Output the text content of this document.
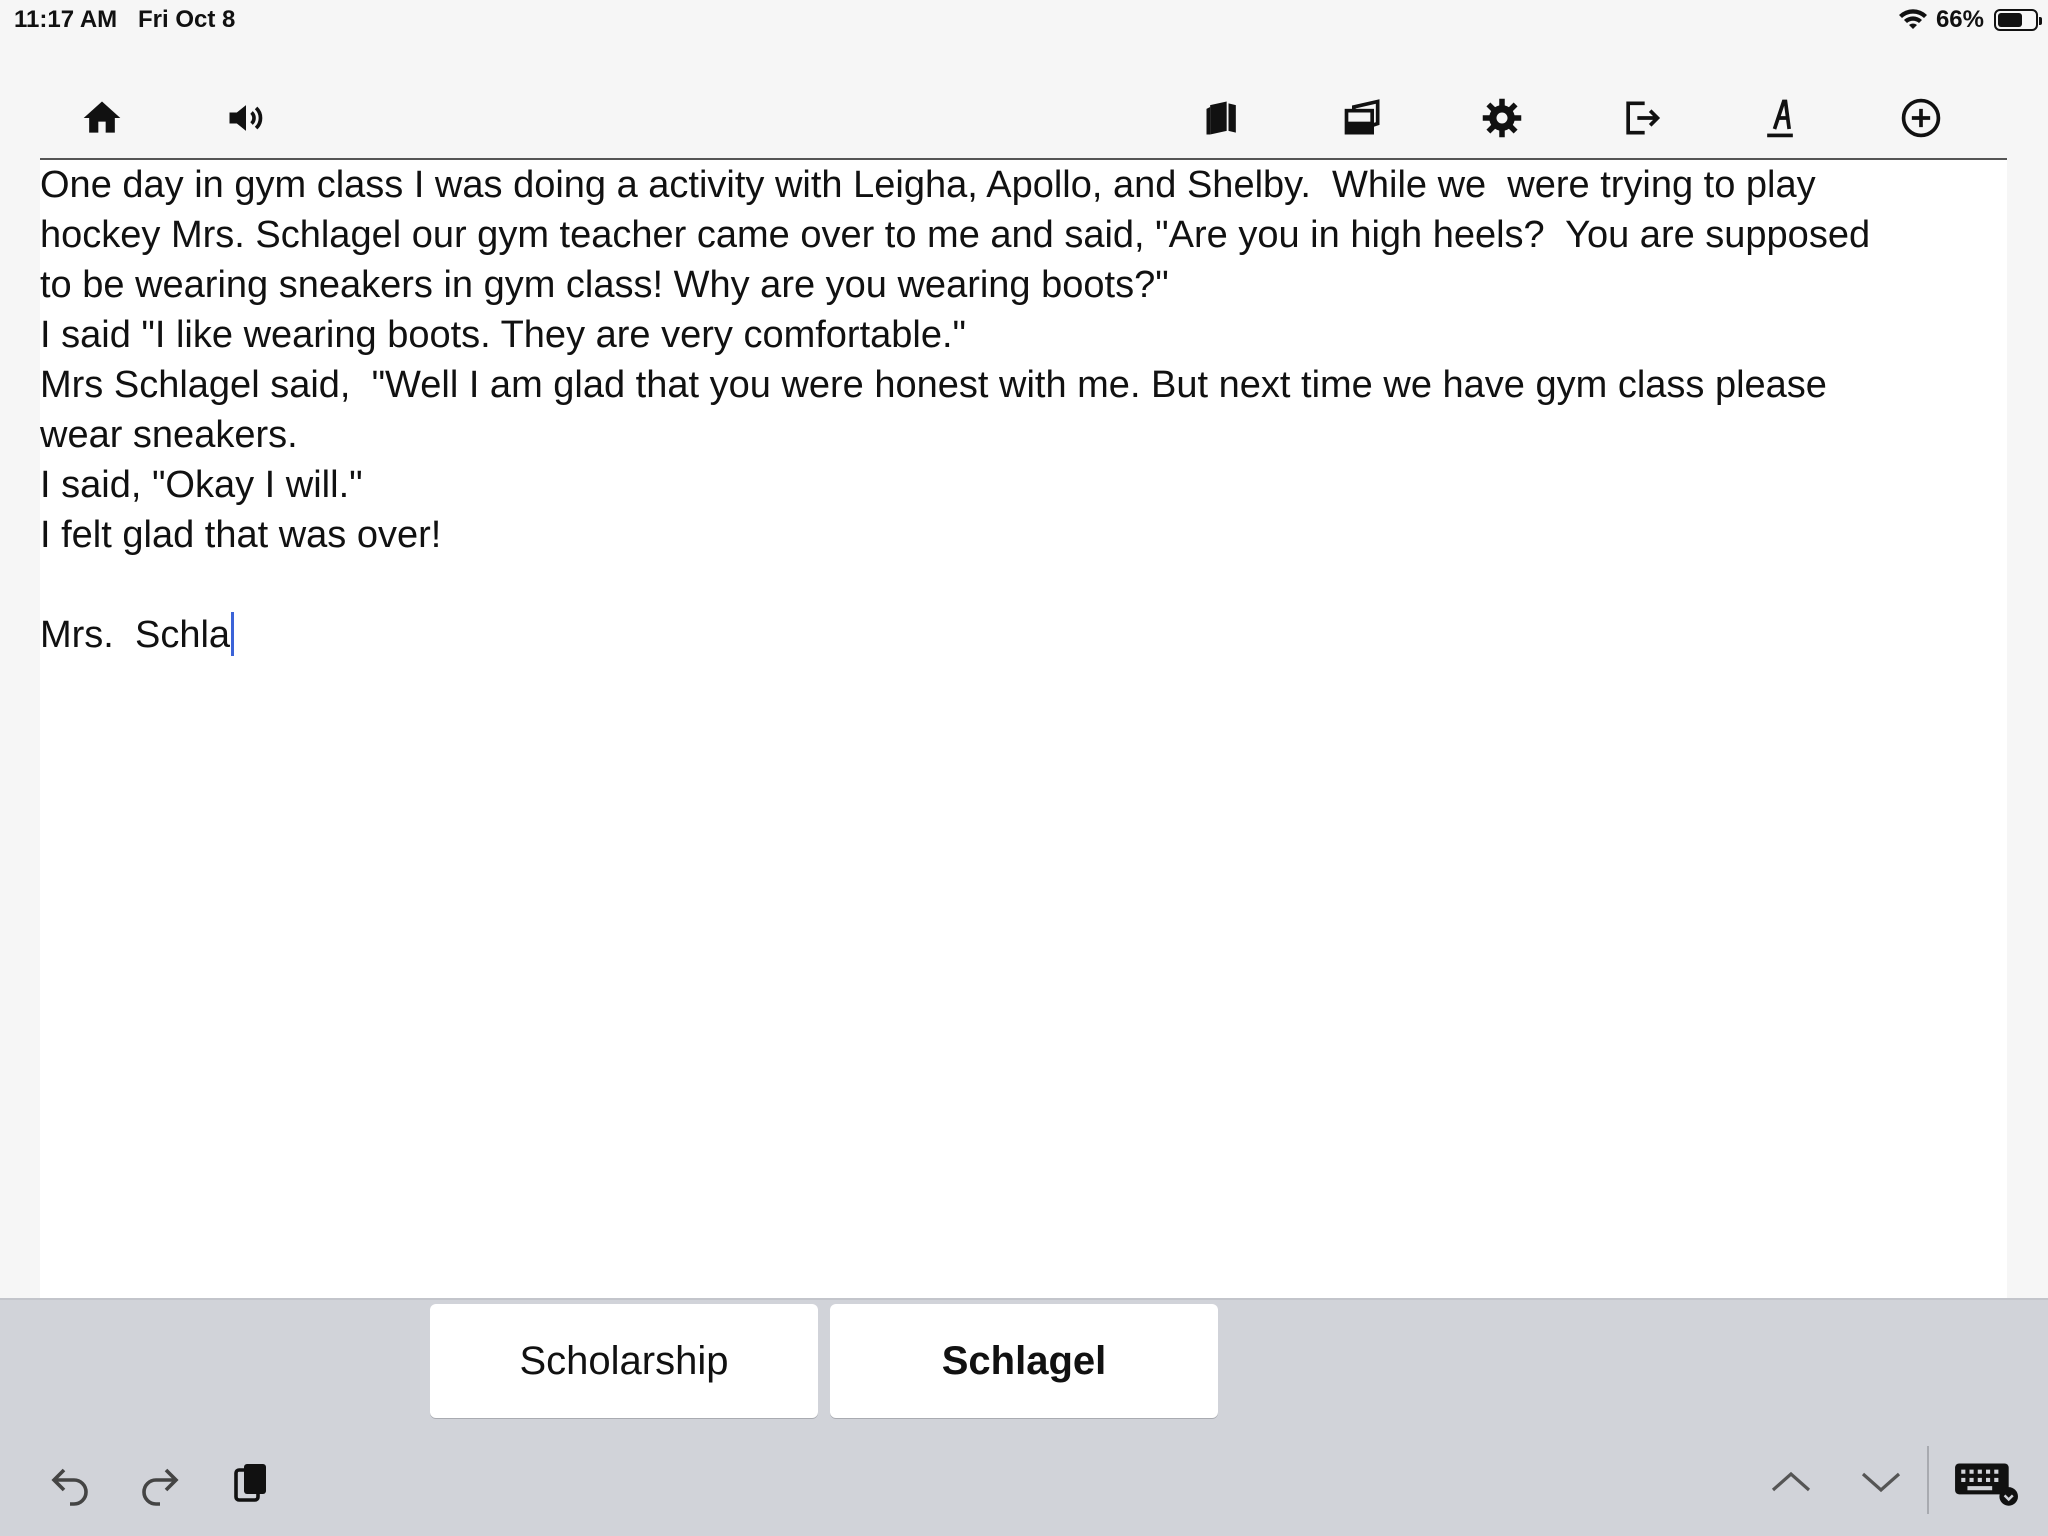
11:17 AM Fri Oct 8	66%

One day in gym class I was doing a activity with Leigha, Apollo, and Shelby.  While we  were trying to play

hockey Mrs. Schlagel our gym teacher came over to me and said, "Are you in high heels?  You are supposed

to be wearing sneakers in gym class! Why are you wearing boots?"

I said "I like wearing boots. They are very comfortable."

Mrs Schlagel said,  "Well I am glad that you were honest with me. But next time we have gym class please

wear sneakers.

I said, "Okay I will."

I felt glad that was over!

Mrs.  Schla

Scholarship	Schlagel
